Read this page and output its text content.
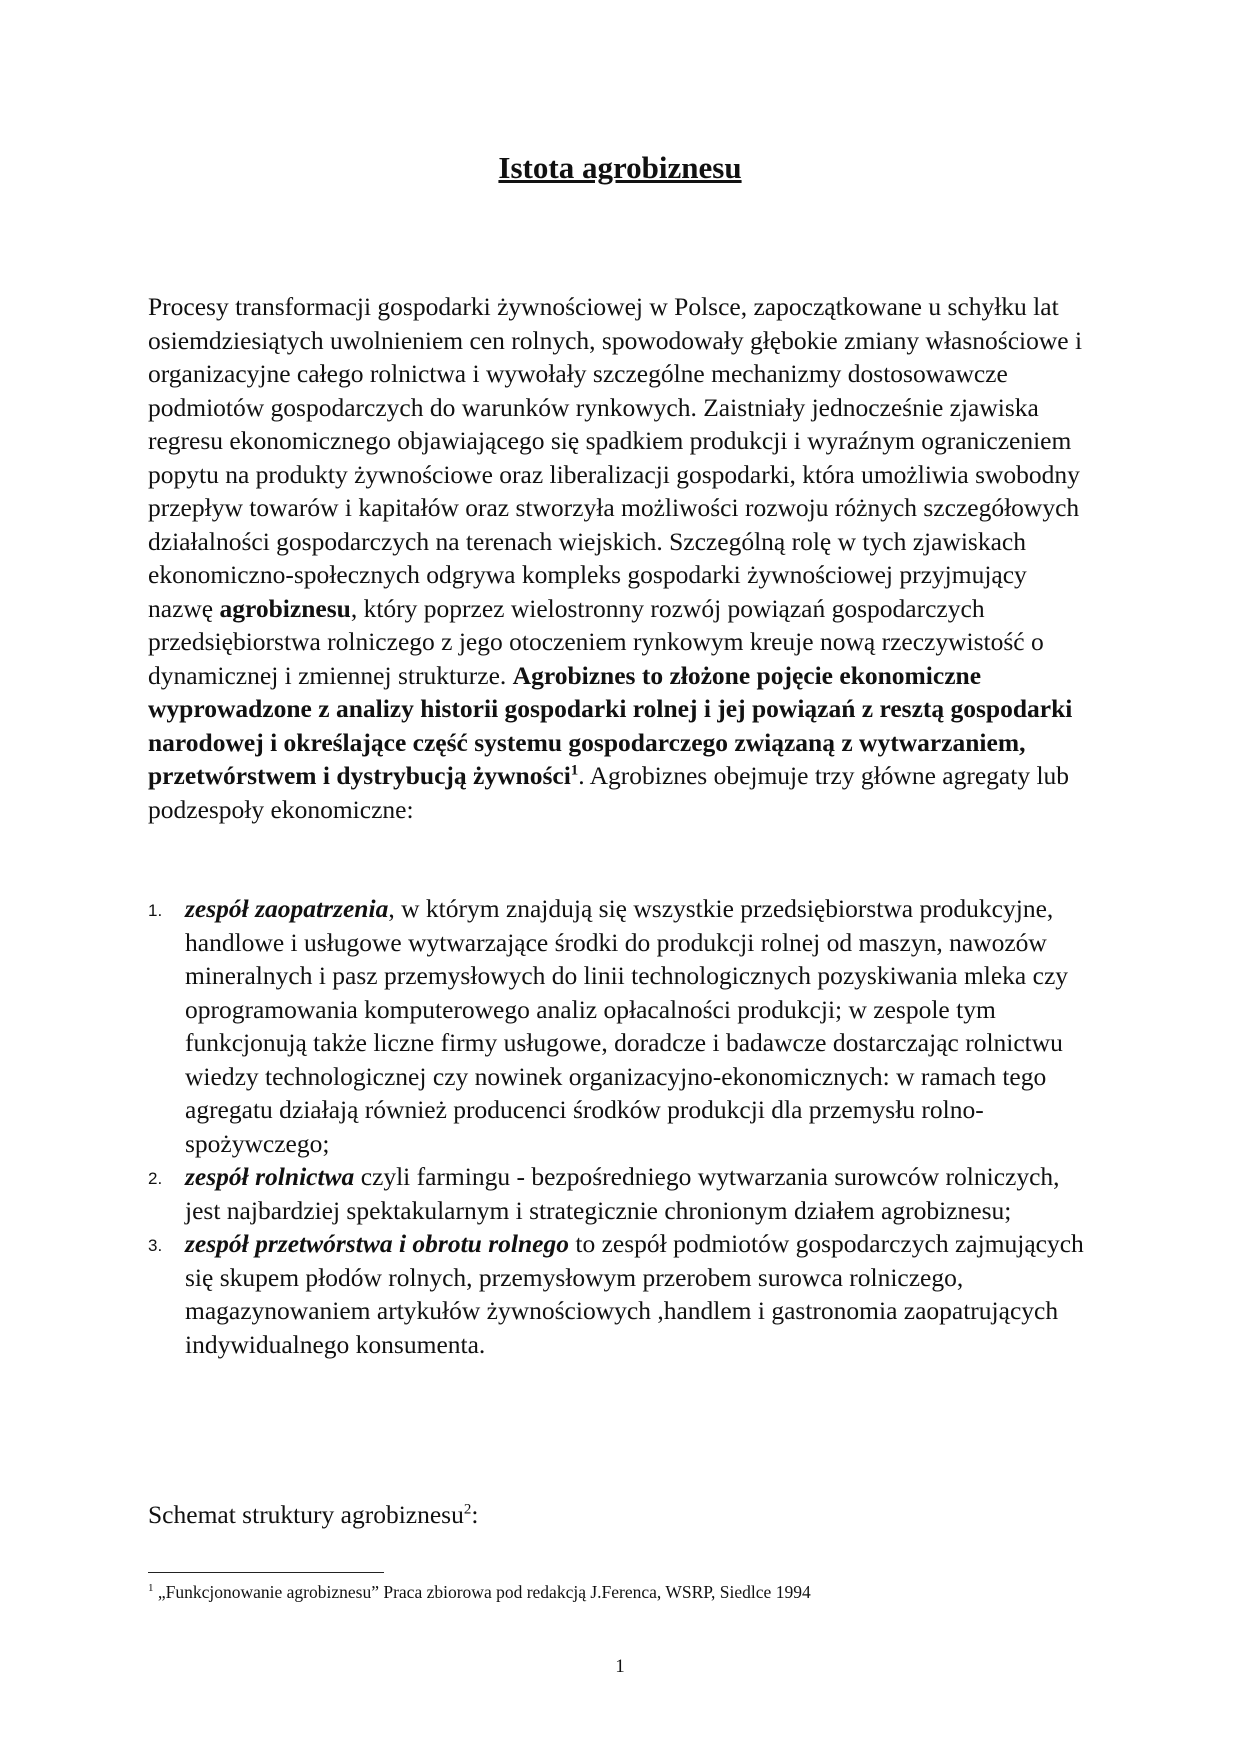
Istota agrobiznesu

Procesy transformacji gospodarki żywnościowej w Polsce, zapoczątkowane u schyłku lat osiemdziesiątych uwolnieniem cen rolnych, spowodowały głębokie zmiany własnościowe i organizacyjne całego rolnictwa i wywołały szczególne mechanizmy dostosowawcze podmiotów gospodarczych do warunków rynkowych. Zaistniały jednocześnie zjawiska regresu ekonomicznego objawiającego się spadkiem produkcji i wyraźnym ograniczeniem popytu na produkty żywnościowe oraz liberalizacji gospodarki, która umożliwia swobodny przepływ towarów i kapitałów oraz stworzyła możliwości rozwoju różnych szczegółowych działalności gospodarczych na terenach wiejskich. Szczególną rolę w tych zjawiskach ekonomiczno-społecznych odgrywa kompleks gospodarki żywnościowej przyjmujący nazwę agrobiznesu, który poprzez wielostronny rozwój powiązań gospodarczych przedsiębiorstwa rolniczego z jego otoczeniem rynkowym kreuje nową rzeczywistość o dynamicznej i zmiennej strukturze. Agrobiznes to złożone pojęcie ekonomiczne wyprowadzone z analizy historii gospodarki rolnej i jej powiązań z resztą gospodarki narodowej i określające część systemu gospodarczego związaną z wytwarzaniem, przetwórstwem i dystrybucją żywności$^1$. Agrobiznes obejmuje trzy główne agregaty lub podzespoły ekonomiczne:

1. zespół zaopatrzenia, w którym znajdują się wszystkie przedsiębiorstwa produkcyjne, handlowe i usługowe wytwarzające środki do produkcji rolnej od maszyn, nawozów mineralnych i pasz przemysłowych do linii technologicznych pozyskiwania mleka czy oprogramowania komputerowego analiz opłacalności produkcji; w zespole tym funkcjonują także liczne firmy usługowe, doradcze i badawcze dostarczając rolnictwu wiedzy technologicznej czy nowinek organizacyjno-ekonomicznych: w ramach tego agregatu działają również producenci środków produkcji dla przemysłu rolno-spożywczego;
2. zespół rolnictwa czyli farmingu - bezpośredniego wytwarzania surowców rolniczych, jest najbardziej spektakularnym i strategicznie chronionym działem agrobiznesu;
3. zespół przetwórstwa i obrotu rolnego to zespół podmiotów gospodarczych zajmujących się skupem płodów rolnych, przemysłowym przerobem surowca rolniczego, magazynowaniem artykułów żywnościowych ,handlem i gastronomia zaopatrujących indywidualnego konsumenta.

Schemat struktury agrobiznesu$^2$:

$^1$ „Funkcjonowanie agrobiznesu” Praca zbiorowa pod redakcją J.Ferenca, WSRP, Siedlce 1994

1
